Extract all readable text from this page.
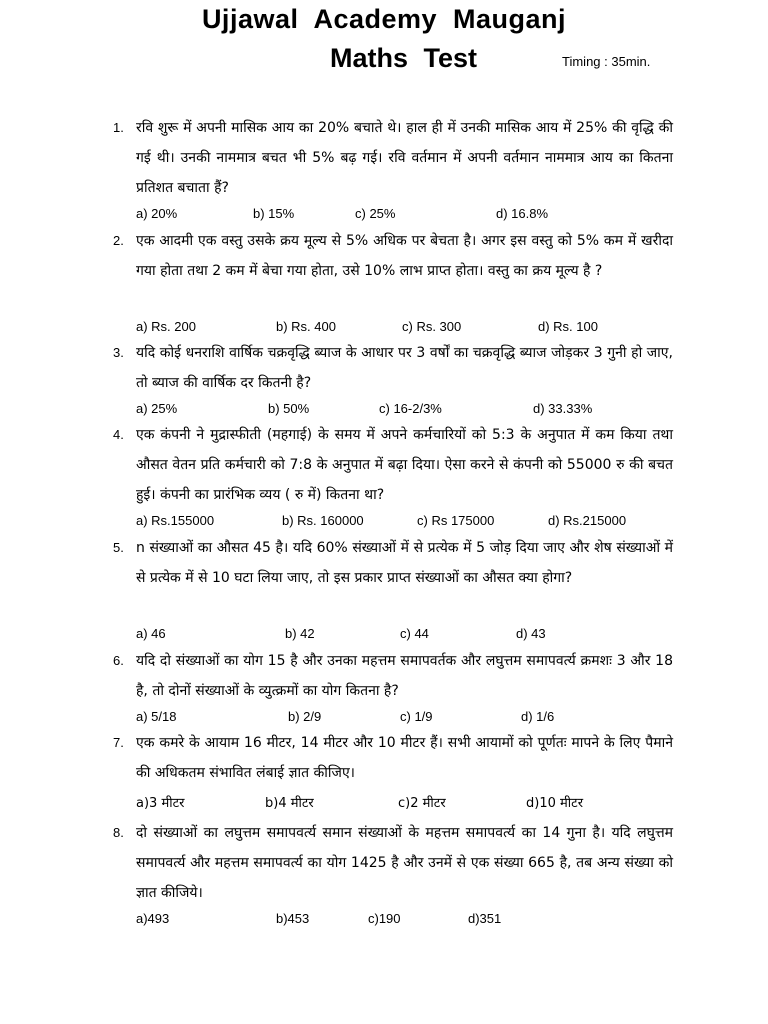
Ujjawal Academy Mauganj
Maths Test	Timing : 35min.
1. रवि शुरू में अपनी मासिक आय का 20% बचाते थे। हाल ही में उनकी मासिक आय में 25% की वृद्धि की गई थी। उनकी नाममात्र बचत भी 5% बढ़ गई। रवि वर्तमान में अपनी वर्तमान नाममात्र आय का कितना प्रतिशत बचाता हैं?
a) 20%	b) 15%	c) 25%	d) 16.8%
2. एक आदमी एक वस्तु उसके क्रय मूल्य से 5% अधिक पर बेचता है। अगर इस वस्तु को 5% कम में खरीदा गया होता तथा 2 कम में बेचा गया होता, उसे 10% लाभ प्राप्त होता। वस्तु का क्रय मूल्य है ?
a) Rs. 200	b) Rs. 400	c) Rs. 300	d) Rs. 100
3. यदि कोई धनराशि वार्षिक चक्रवृद्धि ब्याज के आधार पर 3 वर्षों का चक्रवृद्धि ब्याज जोड़कर 3 गुनी हो जाए, तो ब्याज की वार्षिक दर कितनी है?
a) 25%	b) 50%	c) 16-2/3%	d) 33.33%
4. एक कंपनी ने मुद्रास्फीती (महगाई) के समय में अपने कर्मचारियों को 5:3 के अनुपात में कम किया तथा औसत वेतन प्रति कर्मचारी को 7:8 के अनुपात में बढ़ा दिया। ऐसा करने से कंपनी को 55000 रु की बचत हुई। कंपनी का प्रारंभिक व्यय ( रु में) कितना था?
a) Rs.155000	b) Rs. 160000	c) Rs 175000	d) Rs.215000
5. n संख्याओं का औसत 45 है। यदि 60% संख्याओं में से प्रत्येक में 5 जोड़ दिया जाए और शेष संख्याओं में से प्रत्येक में से 10 घटा लिया जाए, तो इस प्रकार प्राप्त संख्याओं का औसत क्या होगा?
a) 46	b) 42	c) 44	d) 43
6. यदि दो संख्याओं का योग 15 है और उनका महत्तम समापवर्तक और लघुत्तम समापवर्त्य क्रमशः 3 और 18 है, तो दोनों संख्याओं के व्युत्क्रमों का योग कितना है?
a) 5/18	b) 2/9	c) 1/9	d) 1/6
7. एक कमरे के आयाम 16 मीटर, 14 मीटर और 10 मीटर हैं। सभी आयामों को पूर्णतः मापने के लिए पैमाने की अधिकतम संभावित लंबाई ज्ञात कीजिए।
a)3 मीटर	b)4 मीटर	c)2 मीटर	d)10 मीटर
8. दो संख्याओं का लघुत्तम समापवर्त्य समान संख्याओं के महत्तम समापवर्त्य का 14 गुना है। यदि लघुत्तम समापवर्त्य और महत्तम समापवर्त्य का योग 1425 है और उनमें से एक संख्या 665 है, तब अन्य संख्या को ज्ञात कीजिये।
a)493	b)453	c)190	d)351
